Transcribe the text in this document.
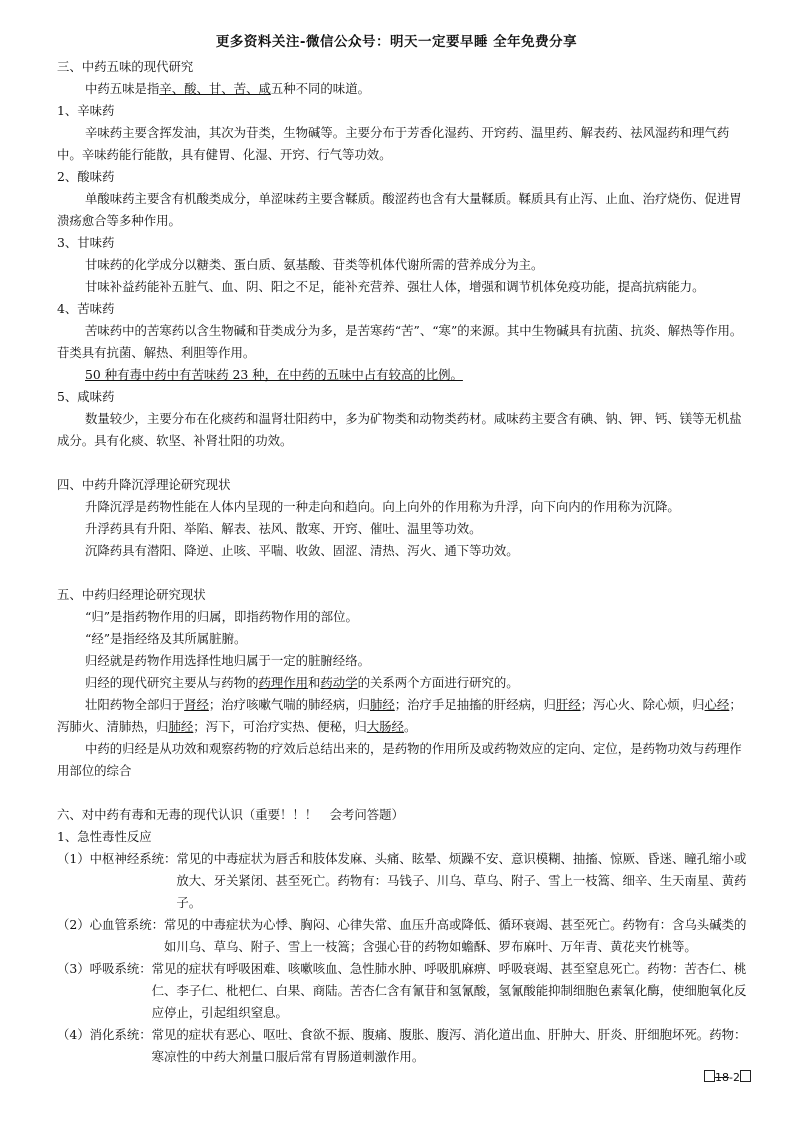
更多资料关注-微信公众号：明天一定要早睡 全年免费分享
三、中药五味的现代研究
中药五味是指辛、酸、甘、苦、咸五种不同的味道。
1、辛味药
辛味药主要含挥发油，其次为苷类，生物碱等。主要分布于芳香化湿药、开窍药、温里药、解表药、祛风湿药和理气药中。辛味药能行能散，具有健胃、化湿、开窍、行气等功效。
2、酸味药
单酸味药主要含有机酸类成分，单涩味药主要含鞣质。酸涩药也含有大量鞣质。鞣质具有止泻、止血、治疗烧伤、促进胃溃疡愈合等多种作用。
3、甘味药
甘味药的化学成分以糖类、蛋白质、氨基酸、苷类等机体代谢所需的营养成分为主。
甘味补益药能补五脏气、血、阴、阳之不足，能补充营养、强壮人体，增强和调节机体免疫功能，提高抗病能力。
4、苦味药
苦味药中的苦寒药以含生物碱和苷类成分为多，是苦寒药“苦”、“寒”的来源。其中生物碱具有抗菌、抗炎、解热等作用。苷类具有抗菌、解热、利胆等作用。
50 种有毒中药中有苦味药 23 种，在中药的五味中占有较高的比例。
5、咸味药
数量较少，主要分布在化痰药和温肾壮阳药中，多为矿物类和动物类药材。咸味药主要含有碘、钠、钾、钙、镁等无机盐成分。具有化痰、软坚、补肾壮阳的功效。
四、中药升降沉浮理论研究现状
升降沉浮是药物性能在人体内呈现的一种走向和趋向。向上向外的作用称为升浮，向下向内的作用称为沉降。
升浮药具有升阳、举陷、解表、祛风、散寒、开窍、催吐、温里等功效。
沉降药具有潜阳、降逆、止咳、平喘、收敛、固涩、清热、泻火、通下等功效。
五、中药归经理论研究现状
“归”是指药物作用的归属，即指药物作用的部位。
“经”是指经络及其所属脏腑。
归经就是药物作用选择性地归属于一定的脏腑经络。
归经的现代研究主要从与药物的药理作用和药动学的关系两个方面进行研究的。
壮阳药物全部归于肾经；治疗咳嗽气喘的肺经病，归肺经；治疗手足抽搐的肝经病，归肝经；泻心火、除心烦，归心经；泻肺火、清肺热，归肺经；泻下，可治疗实热、便秘，归大肠经。
中药的归经是从功效和观察药物的疗效后总结出来的，是药物的作用所及或药物效应的定向、定位，是药物功效与药理作用部位的综合
六、对中药有毒和无毒的现代认识（重要！！！　会考问答题）
1、急性毒性反应
（1）中枢神经系统： 常见的中毒症状为唇舌和肢体发麻、头痛、眩晕、烦躁不安、意识模糊、抽搐、惊厥、昏迷、瞳孔缩小或放大、牙关紧闭、甚至死亡。药物有：马钱子、川乌、草乌、附子、雪上一枝篙、细辛、生天南星、黄药子。
（2）心血管系统： 常见的中毒症状为心悸、胸闷、心律失常、血压升高或降低、循环衰竭、甚至死亡。药物有：含乌头碱类的如川乌、草乌、附子、雪上一枝篙；含强心苷的药物如蟾酥、罗布麻叶、万年青、黄花夹竹桃等。
（3）呼吸系统： 常见的症状有呼吸困难、咳嗽咳血、急性肺水肿、呼吸肌麻痹、呼吸衰竭、甚至窒息死亡。药物：苦杏仁、桃仁、李子仁、枇杷仁、白果、商陆。苦杏仁含有氰苷和氢氰酸，氢氰酸能抑制细胞色素氧化酶，使细胞氧化反应停止，引起组织窒息。
（4）消化系统： 常见的症状有恶心、呕吐、食欲不振、腹痛、腹胀、腹泻、消化道出血、肝肿大、肝炎、肝细胞坏死。药物：寒凉性的中药大剂量口服后常有胃肠道刺激作用。
18-2
